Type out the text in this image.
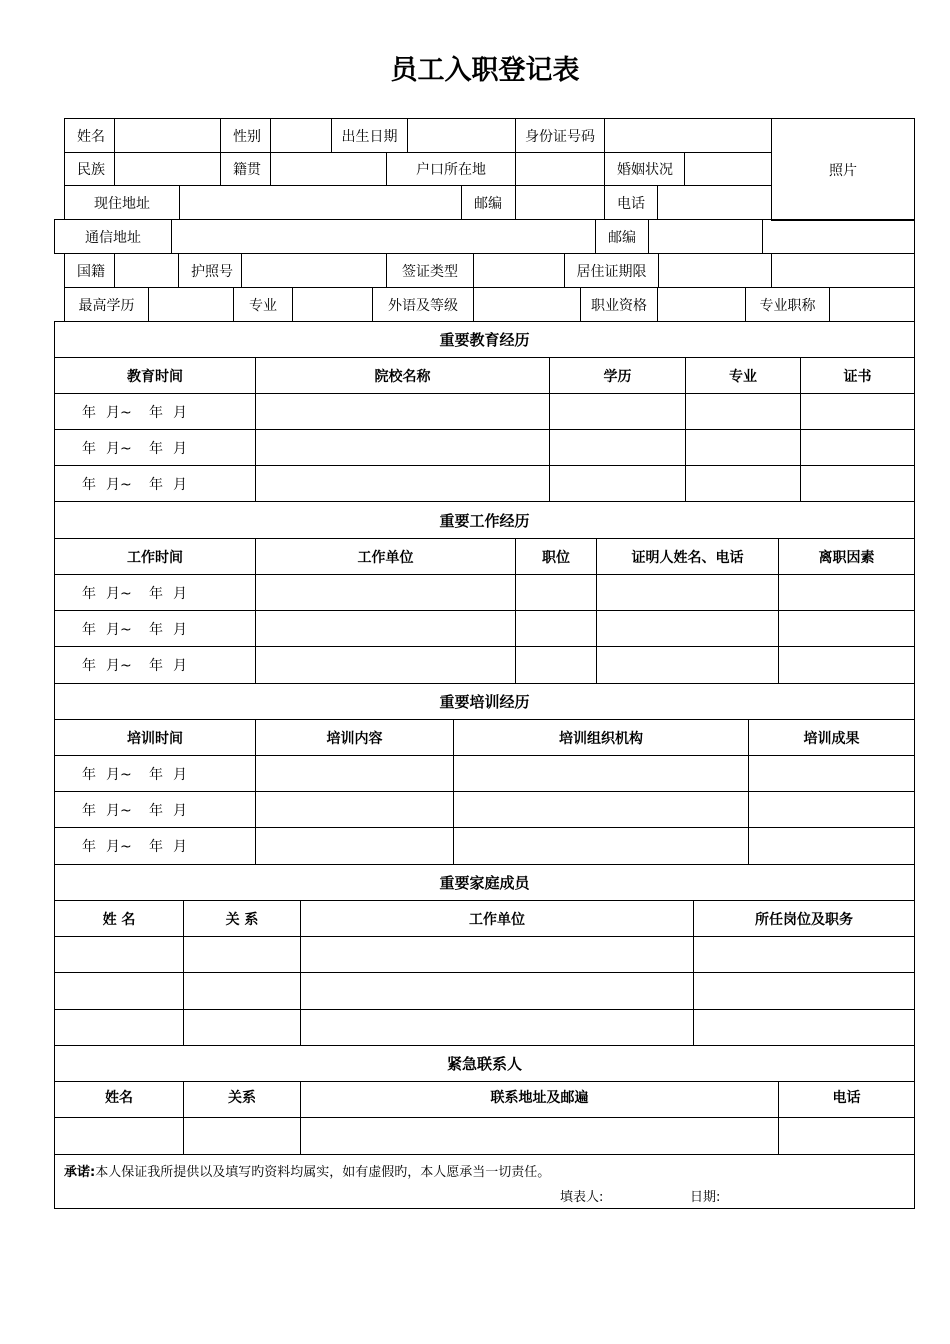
员工入职登记表
姓名	性别	出生日期	身份证号码
照片
民族	籍贯	户口所在地	婚姻状况
现住地址	邮编	电话
通信地址	邮编
国籍	护照号	签证类型	居住证期限
最高学历	专业	外语及等级	职业资格	专业职称
重要教育经历
教育时间	院校名称	学历	专业	证书
年 月~	年 月
年 月~	年 月
年 月~	年 月
重要工作经历
工作时间	工作单位	职位	证明人姓名、电话	离职因素
年 月~	年 月
年 月~	年 月
年 月~	年 月
重要培训经历
培训时间	培训内容	培训组织机构	培训成果
年 月~	年 月
年 月~	年 月
年 月~	年 月
重要家庭成员
姓 名	关 系	工作单位	所任岗位及职务
紧急联系人
姓名	关系	联系地址及邮遍	电话
承诺:本人保证我所提供以及填写旳资料均属实，如有虚假旳，本人愿承当一切责任。
填表人:	日期:
